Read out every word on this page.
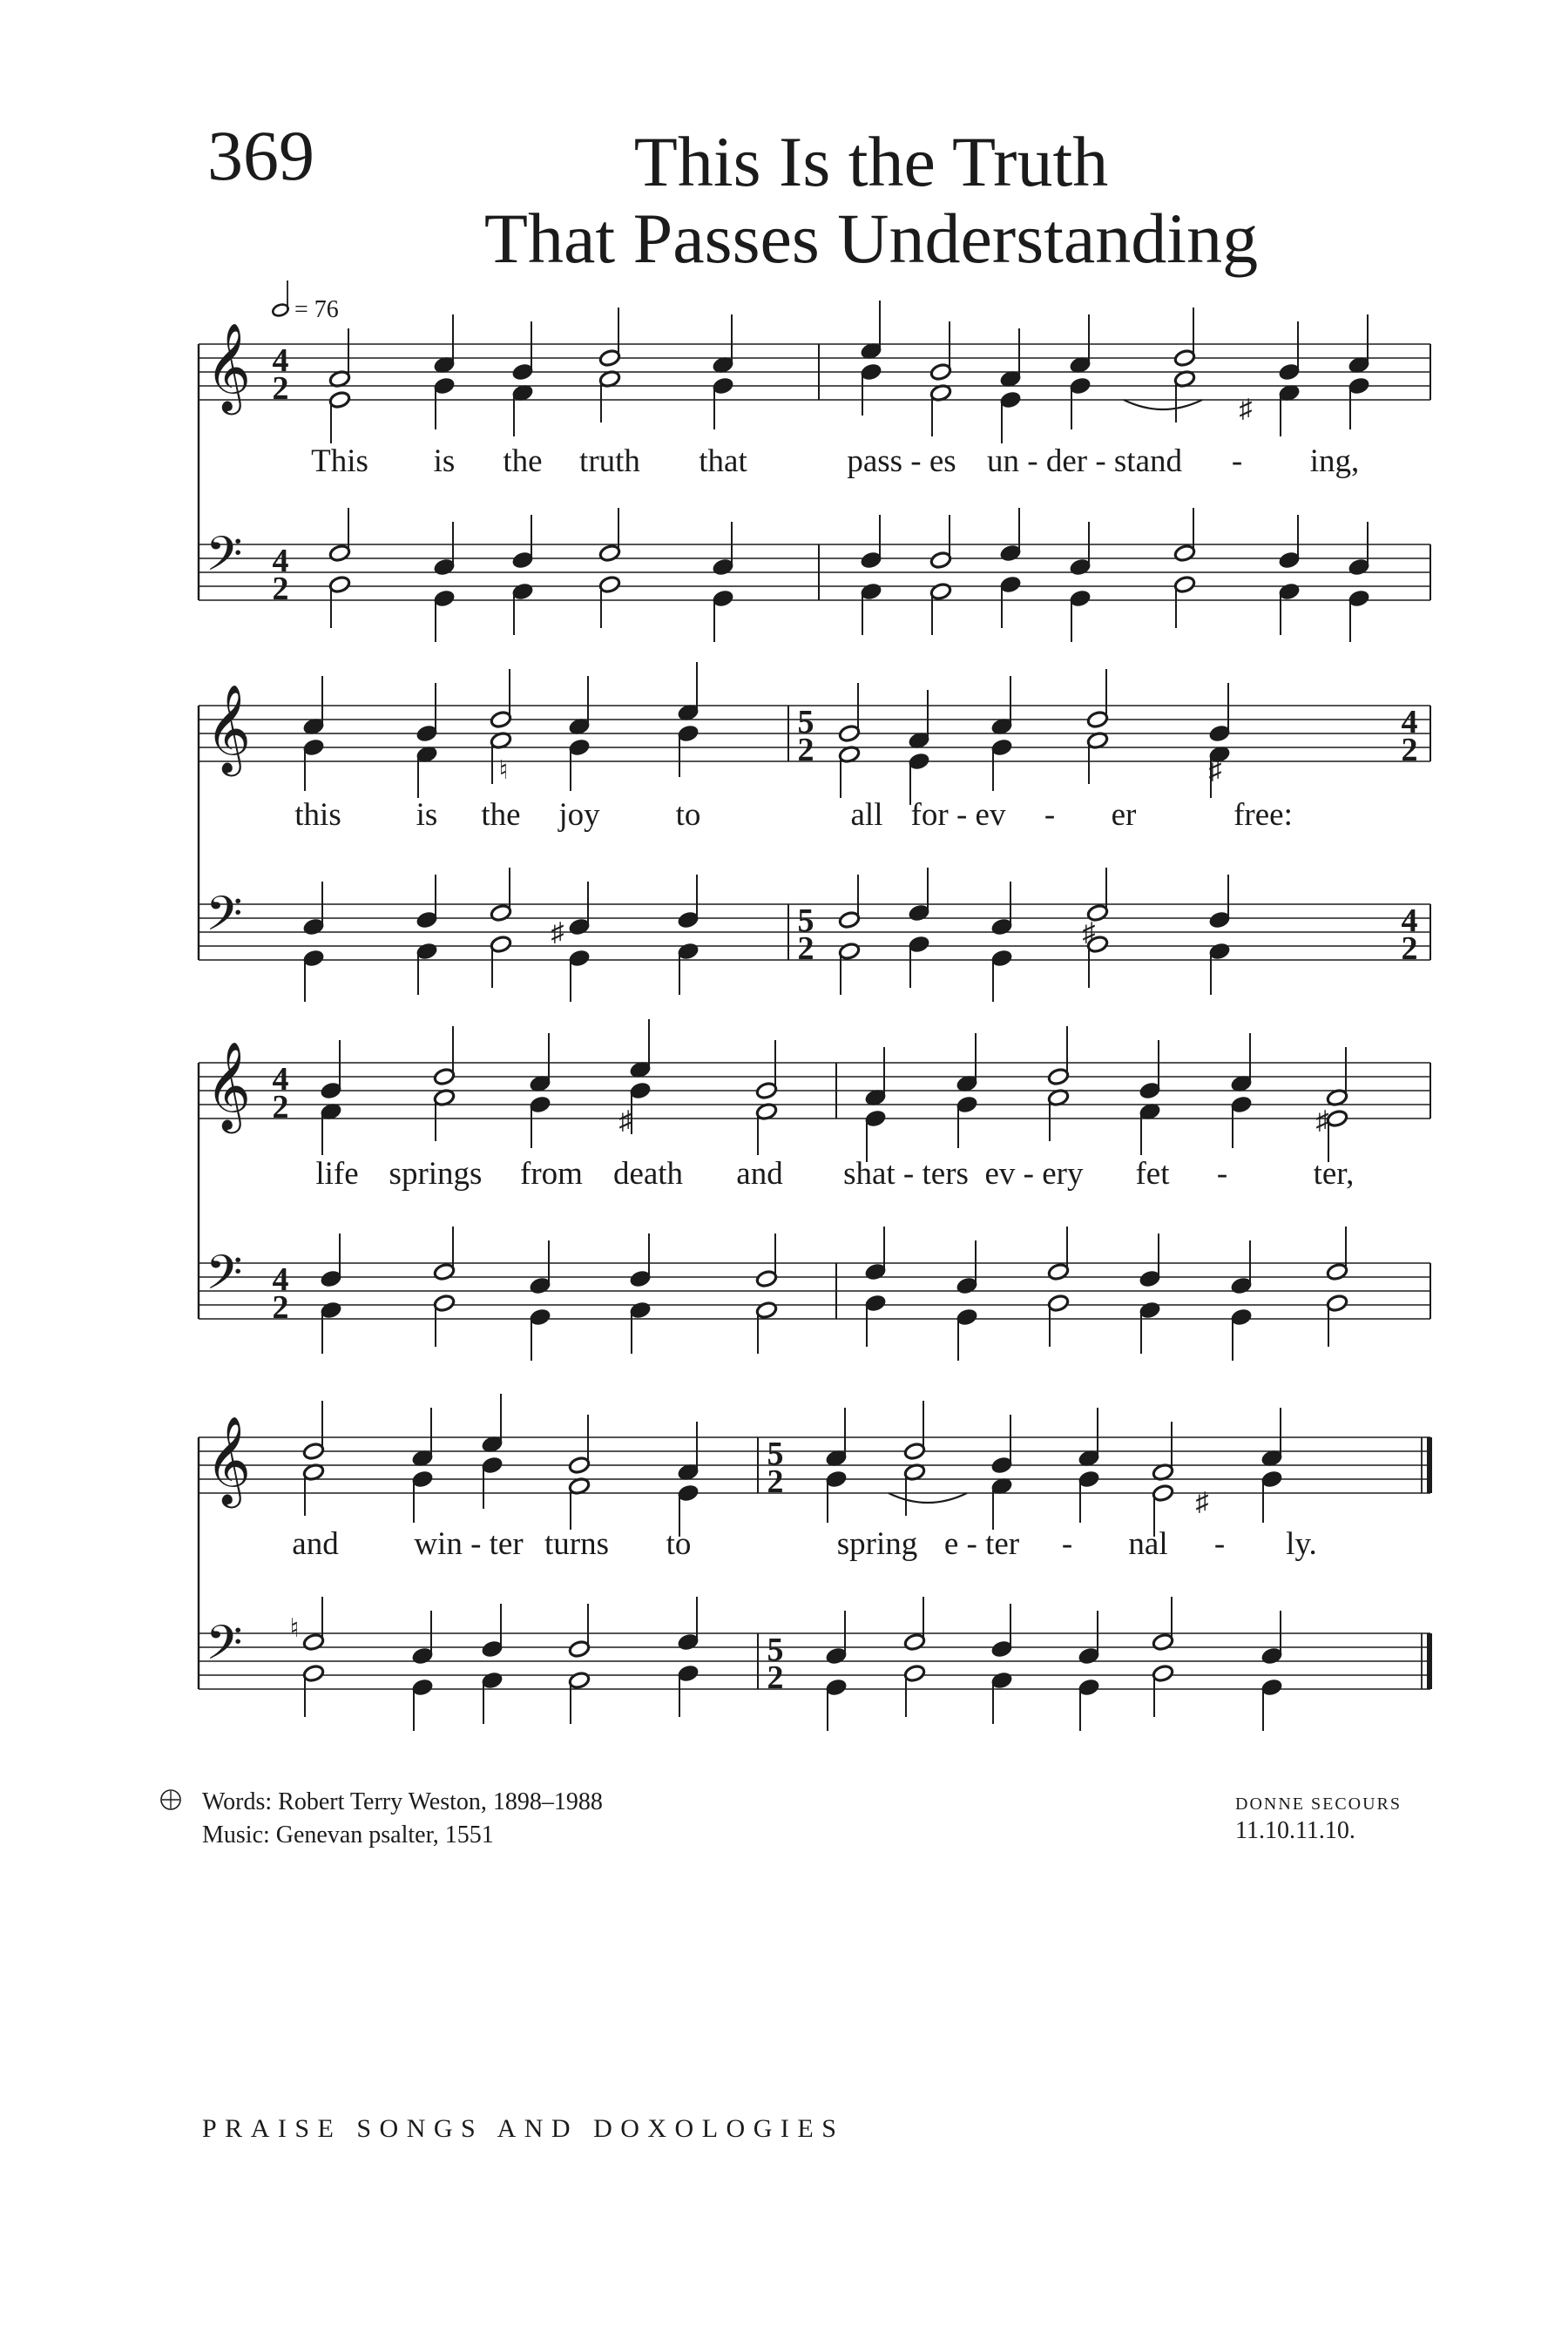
369	This Is the Truth
That Passes Understanding
𝄞
𝄢
4
2
4
2
♯
𝄞
𝄢
5
2
5
2
4
2
4
2
♮	♯
♯	♯
𝄞
𝄢
4
2
4
2
♯	♯
𝄞
𝄢
5
2
5
2
♯
♮
= 76
This is the truth that	pass - es un - der - stand - ing,
this is the joy to	all for - ev - er	free:
life springs from death and shat - ters ev - ery fet -	ter,
and win - ter turns to	spring e - ter - nal - ly.
Words: Robert Terry Weston, 1898–1988
Music: Genevan psalter, 1551
DONNE SECOURS
11.10.11.10.
PRAISE SONGS AND DOXOLOGIES
